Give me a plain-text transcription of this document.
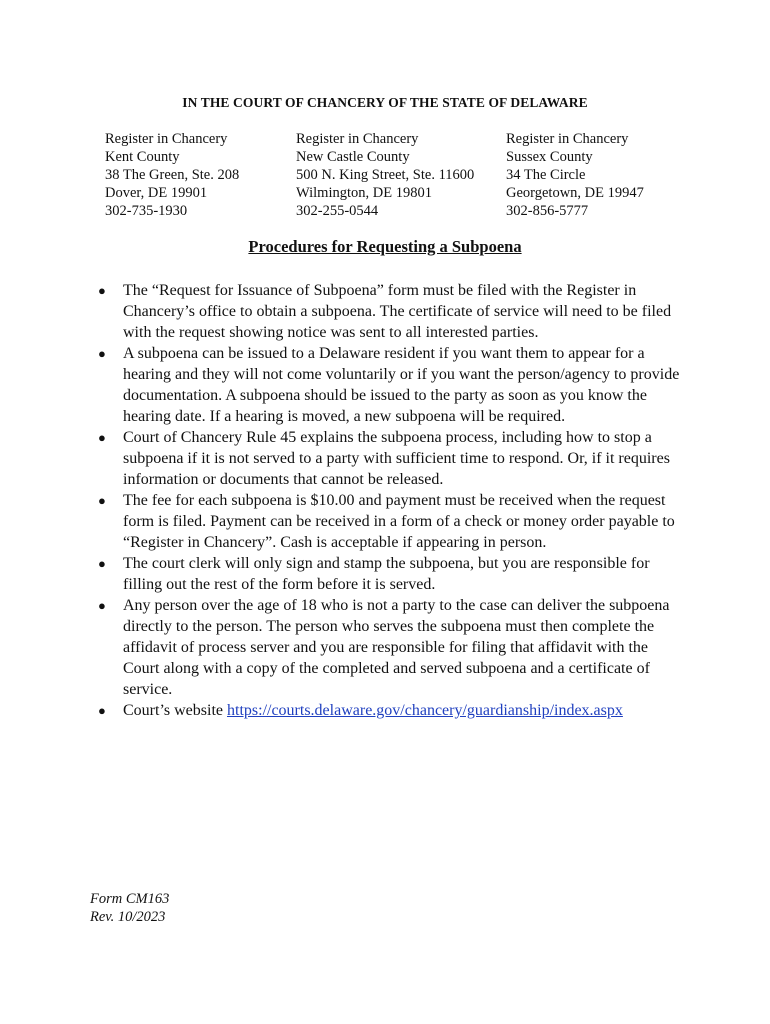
IN THE COURT OF CHANCERY OF THE STATE OF DELAWARE
Register in Chancery
Kent County
38 The Green, Ste. 208
Dover, DE 19901
302-735-1930
Register in Chancery
New Castle County
500 N. King Street, Ste. 11600
Wilmington, DE 19801
302-255-0544
Register in Chancery
Sussex County
34 The Circle
Georgetown, DE 19947
302-856-5777
Procedures for Requesting a Subpoena
● The “Request for Issuance of Subpoena” form must be filed with the Register in Chancery’s office to obtain a subpoena. The certificate of service will need to be filed with the request showing notice was sent to all interested parties.
● A subpoena can be issued to a Delaware resident if you want them to appear for a hearing and they will not come voluntarily or if you want the person/agency to provide documentation. A subpoena should be issued to the party as soon as you know the hearing date. If a hearing is moved, a new subpoena will be required.
● Court of Chancery Rule 45 explains the subpoena process, including how to stop a subpoena if it is not served to a party with sufficient time to respond. Or, if it requires information or documents that cannot be released.
● The fee for each subpoena is $10.00 and payment must be received when the request form is filed. Payment can be received in a form of a check or money order payable to “Register in Chancery”. Cash is acceptable if appearing in person.
● The court clerk will only sign and stamp the subpoena, but you are responsible for filling out the rest of the form before it is served.
● Any person over the age of 18 who is not a party to the case can deliver the subpoena directly to the person. The person who serves the subpoena must then complete the affidavit of process server and you are responsible for filing that affidavit with the Court along with a copy of the completed and served subpoena and a certificate of service.
● Court’s website https://courts.delaware.gov/chancery/guardianship/index.aspx
Form CM163
Rev. 10/2023
